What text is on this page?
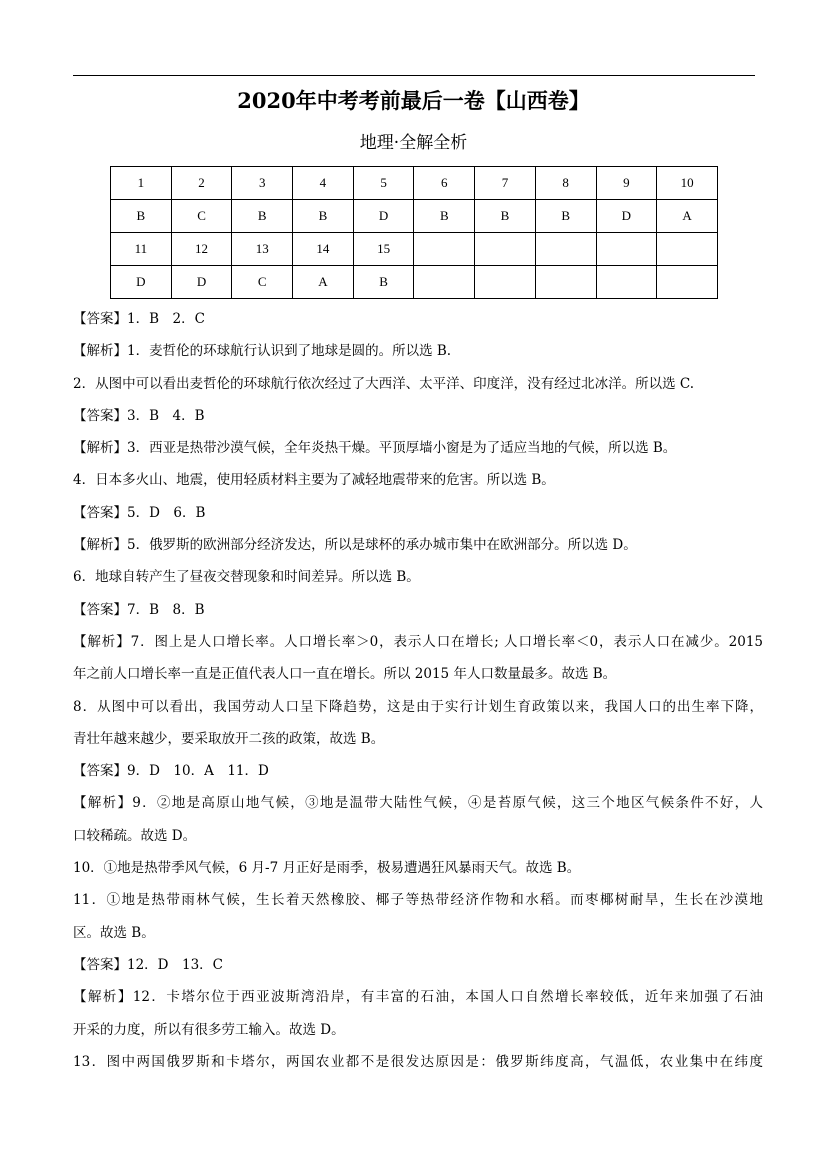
2020年中考考前最后一卷【山西卷】
地理·全解全析
1	2	3	4	5	6	7	8	9	10
B	C	B	B	D	B	B	B	D	A
11	12	13	14	15					
D	D	C	A	B					

【答案】1．B　2．C

【解析】1．麦哲伦的环球航行认识到了地球是圆的。所以选 B.

2．从图中可以看出麦哲伦的环球航行依次经过了大西洋、太平洋、印度洋，没有经过北冰洋。所以选 C.

【答案】3．B　4．B

【解析】3．西亚是热带沙漠气候，全年炎热干燥。平顶厚墙小窗是为了适应当地的气候，所以选 B。

4．日本多火山、地震，使用轻质材料主要为了减轻地震带来的危害。所以选 B。

【答案】5．D　6．B

【解析】5．俄罗斯的欧洲部分经济发达，所以是球杯的承办城市集中在欧洲部分。所以选 D。

6．地球自转产生了昼夜交替现象和时间差异。所以选 B。

【答案】7．B　8．B

【解析】7．图上是人口增长率。人口增长率＞0，表示人口在增长; 人口增长率＜0，表示人口在减少。2015

年之前人口增长率一直是正值代表人口一直在增长。所以 2015 年人口数量最多。故选 B。

8．从图中可以看出，我国劳动人口呈下降趋势，这是由于实行计划生育政策以来，我国人口的出生率下降，

青壮年越来越少，要采取放开二孩的政策，故选 B。

【答案】9．D　10．A　11．D

【解析】9．②地是高原山地气候，③地是温带大陆性气候，④是苔原气候，这三个地区气候条件不好，人

口较稀疏。故选 D。

10．①地是热带季风气候，6 月-7 月正好是雨季，极易遭遇狂风暴雨天气。故选 B。

11．①地是热带雨林气候，生长着天然橡胶、椰子等热带经济作物和水稻。而枣椰树耐旱，生长在沙漠地

区。故选 B。

【答案】12．D　13．C

【解析】12．卡塔尔位于西亚波斯湾沿岸，有丰富的石油，本国人口自然增长率较低，近年来加强了石油

开采的力度，所以有很多劳工输入。故选 D。

13．图中两国俄罗斯和卡塔尔，两国农业都不是很发达原因是：俄罗斯纬度高，气温低，农业集中在纬度
